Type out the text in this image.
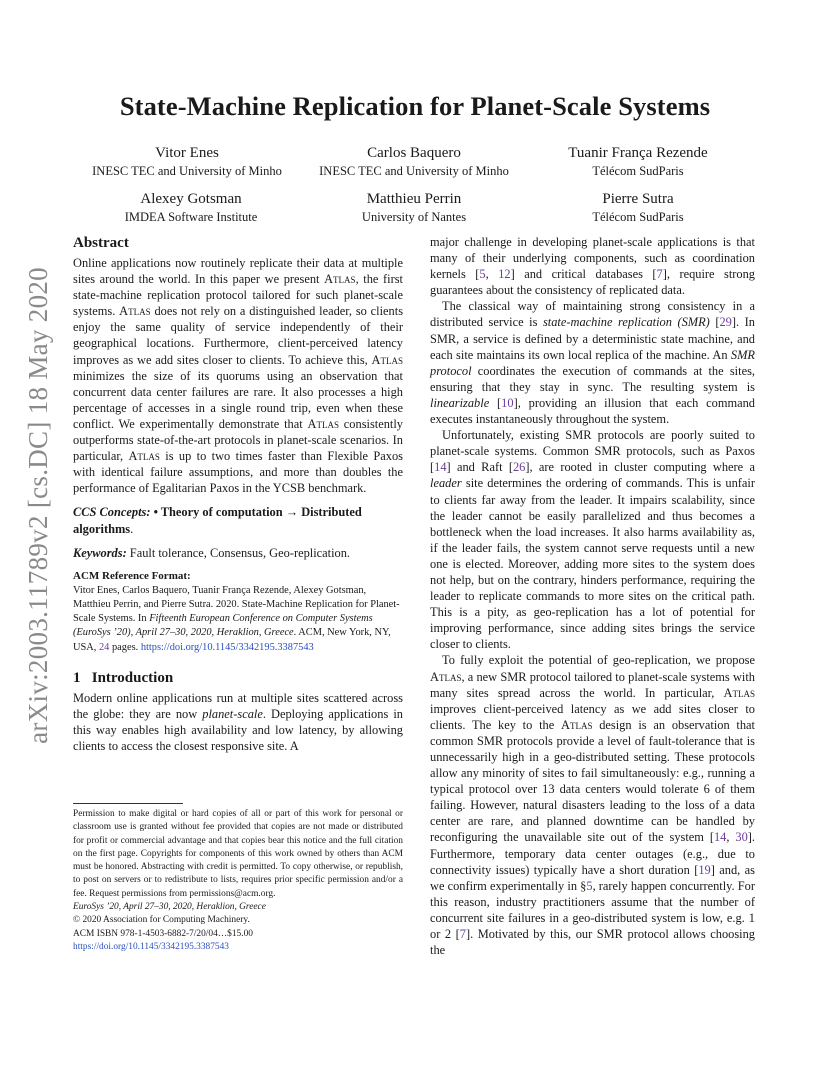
arXiv:2003.11789v2 [cs.DC] 18 May 2020
State-Machine Replication for Planet-Scale Systems
Vitor Enes
INESC TEC and University of Minho
Carlos Baquero
INESC TEC and University of Minho
Tuanir França Rezende
Télécom SudParis
Alexey Gotsman
IMDEA Software Institute
Matthieu Perrin
University of Nantes
Pierre Sutra
Télécom SudParis
Abstract

Online applications now routinely replicate their data at multiple sites around the world. In this paper we present Atlas, the first state-machine replication protocol tailored for such planet-scale systems. Atlas does not rely on a distinguished leader, so clients enjoy the same quality of service independently of their geographical locations. Furthermore, client-perceived latency improves as we add sites closer to clients. To achieve this, Atlas minimizes the size of its quorums using an observation that concurrent data center failures are rare. It also processes a high percentage of accesses in a single round trip, even when these conflict. We experimentally demonstrate that Atlas consistently outperforms state-of-the-art protocols in planet-scale scenarios. In particular, Atlas is up to two times faster than Flexible Paxos with identical failure assumptions, and more than doubles the performance of Egalitarian Paxos in the YCSB benchmark.

CCS Concepts: • Theory of computation → Distributed algorithms.

Keywords: Fault tolerance, Consensus, Geo-replication.

ACM Reference Format:

Vitor Enes, Carlos Baquero, Tuanir França Rezende, Alexey Gotsman, Matthieu Perrin, and Pierre Sutra. 2020. State-Machine Replication for Planet-Scale Systems. In Fifteenth European Conference on Computer Systems (EuroSys ’20), April 27–30, 2020, Heraklion, Greece. ACM, New York, NY, USA, 24 pages. https://doi.org/10.1145/3342195.3387543

1 Introduction

Modern online applications run at multiple sites scattered across the globe: they are now planet-scale. Deploying applications in this way enables high availability and low latency, by allowing clients to access the closest responsive site. A

Permission to make digital or hard copies of all or part of this work for personal or classroom use is granted without fee provided that copies are not made or distributed for profit or commercial advantage and that copies bear this notice and the full citation on the first page. Copyrights for components of this work owned by others than ACM must be honored. Abstracting with credit is permitted. To copy otherwise, or republish, to post on servers or to redistribute to lists, requires prior specific permission and/or a fee. Request permissions from permissions@acm.org.

EuroSys ’20, April 27–30, 2020, Heraklion, Greece

© 2020 Association for Computing Machinery.

ACM ISBN 978-1-4503-6882-7/20/04…$15.00

https://doi.org/10.1145/3342195.3387543

major challenge in developing planet-scale applications is that many of their underlying components, such as coordination kernels [5, 12] and critical databases [7], require strong guarantees about the consistency of replicated data.

The classical way of maintaining strong consistency in a distributed service is state-machine replication (SMR) [29]. In SMR, a service is defined by a deterministic state machine, and each site maintains its own local replica of the machine. An SMR protocol coordinates the execution of commands at the sites, ensuring that they stay in sync. The resulting system is linearizable [10], providing an illusion that each command executes instantaneously throughout the system.

Unfortunately, existing SMR protocols are poorly suited to planet-scale systems. Common SMR protocols, such as Paxos [14] and Raft [26], are rooted in cluster computing where a leader site determines the ordering of commands. This is unfair to clients far away from the leader. It impairs scalability, since the leader cannot be easily parallelized and thus becomes a bottleneck when the load increases. It also harms availability as, if the leader fails, the system cannot serve requests until a new one is elected. Moreover, adding more sites to the system does not help, but on the contrary, hinders performance, requiring the leader to replicate commands to more sites on the critical path. This is a pity, as geo-replication has a lot of potential for improving performance, since adding sites brings the service closer to clients.

To fully exploit the potential of geo-replication, we propose Atlas, a new SMR protocol tailored to planet-scale systems with many sites spread across the world. In particular, Atlas improves client-perceived latency as we add sites closer to clients. The key to the Atlas design is an observation that common SMR protocols provide a level of fault-tolerance that is unnecessarily high in a geo-distributed setting. These protocols allow any minority of sites to fail simultaneously: e.g., running a typical protocol over 13 data centers would tolerate 6 of them failing. However, natural disasters leading to the loss of a data center are rare, and planned downtime can be handled by reconfiguring the unavailable site out of the system [14, 30]. Furthermore, temporary data center outages (e.g., due to connectivity issues) typically have a short duration [19] and, as we confirm experimentally in §5, rarely happen concurrently. For this reason, industry practitioners assume that the number of concurrent site failures in a geo-distributed system is low, e.g. 1 or 2 [7]. Motivated by this, our SMR protocol allows choosing the
